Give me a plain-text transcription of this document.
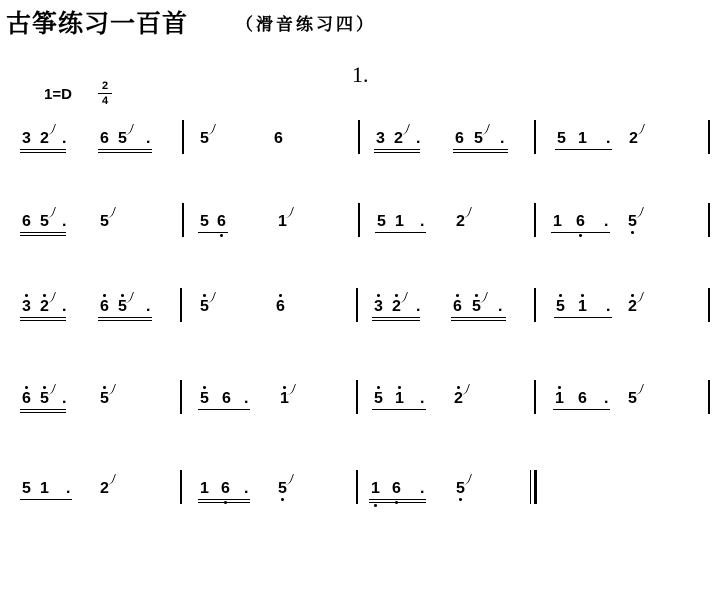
古筝练习一百首	（滑音练习四）
1=D	2
4
1.
3 2	6 5
.	.	5	6	3 2	6 5
.	.	5 1	2
.
6 5	5
.	5 6	1	5 1	2
.	1 6	5
.
3 2	6 5
.	.	5	6	3 2	6 5
.	.	5 1	2
.
6 5	5
.	5 6	1
.	5 1	2
.	1 6	5
.
5 1	2
.	1 6	5
.	1 6	5
.
